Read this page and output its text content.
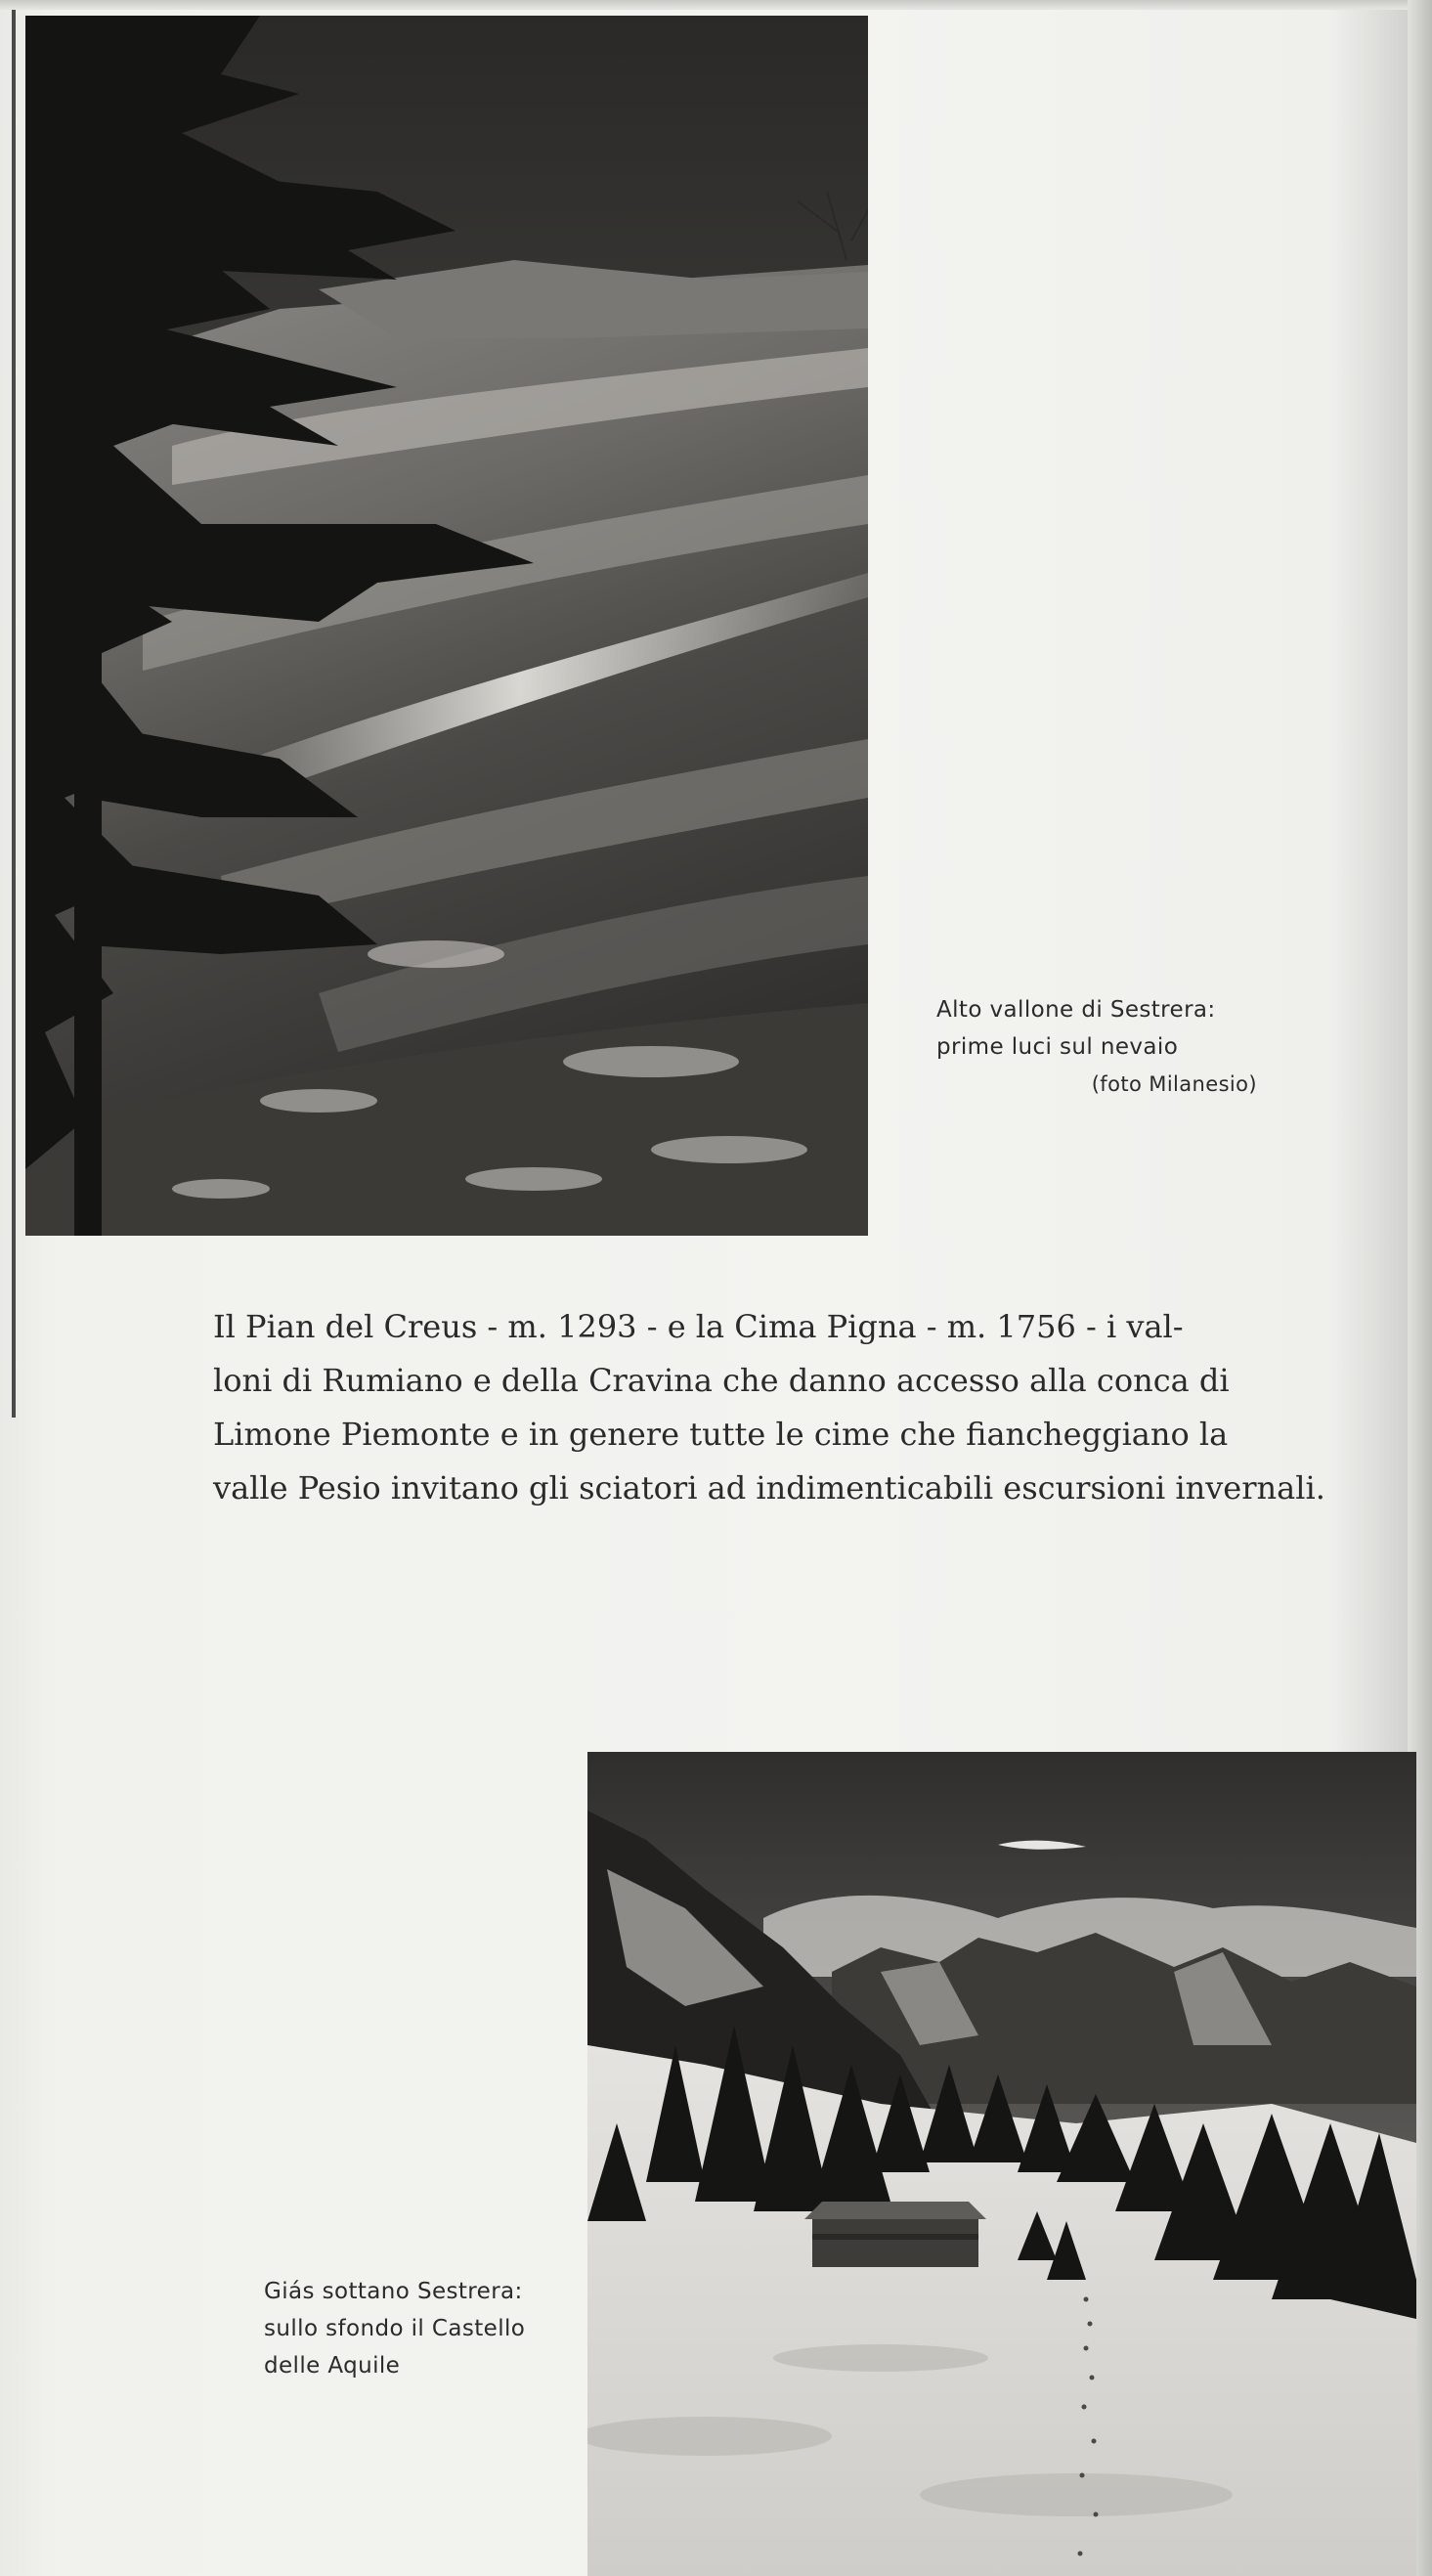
Alto vallone di Sestrera:
prime luci sul nevaio
(foto Milanesio)
Il Pian del Creus - m. 1293 - e la Cima Pigna - m. 1756 - i val-
loni di Rumiano e della Cravina che danno accesso alla conca di
Limone Piemonte e in genere tutte le cime che fiancheggiano la
valle Pesio invitano gli sciatori ad indimenticabili escursioni invernali.
Giás sottano Sestrera:
sullo sfondo il Castello
delle Aquile
